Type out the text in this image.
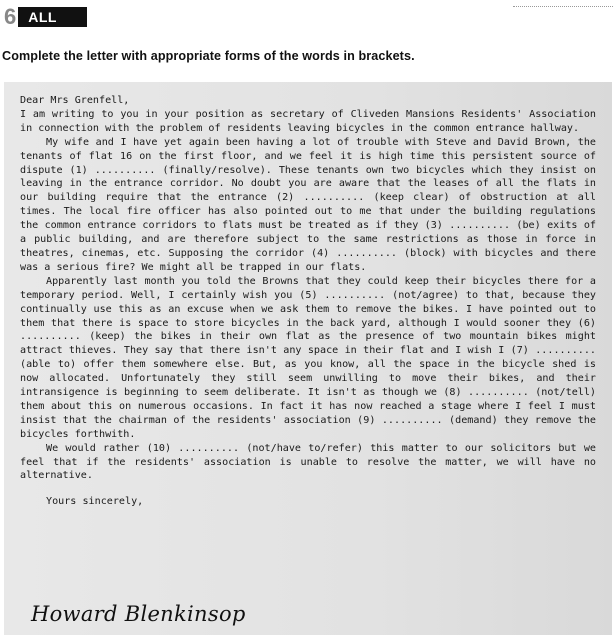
6 ALL
Complete the letter with appropriate forms of the words in brackets.

Dear Mrs Grenfell,

I am writing to you in your position as secretary of Cliveden Mansions Residents' Association in connection with the problem of residents leaving bicycles in the common entrance hallway.

My wife and I have yet again been having a lot of trouble with Steve and David Brown, the tenants of flat 16 on the first floor, and we feel it is high time this persistent source of dispute (1) .......... (finally/resolve). These tenants own two bicycles which they insist on leaving in the entrance corridor. No doubt you are aware that the leases of all the flats in our building require that the entrance (2) .......... (keep clear) of obstruction at all times. The local fire officer has also pointed out to me that under the building regulations the common entrance corridors to flats must be treated as if they (3) .......... (be) exits of a public building, and are therefore subject to the same restrictions as those in force in theatres, cinemas, etc. Supposing the corridor (4) .......... (block) with bicycles and there was a serious fire? We might all be trapped in our flats.

Apparently last month you told the Browns that they could keep their bicycles there for a temporary period. Well, I certainly wish you (5) .......... (not/agree) to that, because they continually use this as an excuse when we ask them to remove the bikes. I have pointed out to them that there is space to store bicycles in the back yard, although I would sooner they (6) .......... (keep) the bikes in their own flat as the presence of two mountain bikes might attract thieves. They say that there isn't any space in their flat and I wish I (7) .......... (able to) offer them somewhere else. But, as you know, all the space in the bicycle shed is now allocated. Unfortunately they still seem unwilling to move their bikes, and their intransigence is beginning to seem deliberate. It isn't as though we (8) .......... (not/tell) them about this on numerous occasions. In fact it has now reached a stage where I feel I must insist that the chairman of the residents' association (9) .......... (demand) they remove the bicycles forthwith.

We would rather (10) .......... (not/have to/refer) this matter to our solicitors but we feel that if the residents' association is unable to resolve the matter, we will have no alternative.

Yours sincerely,

Howard Blenkinsop
